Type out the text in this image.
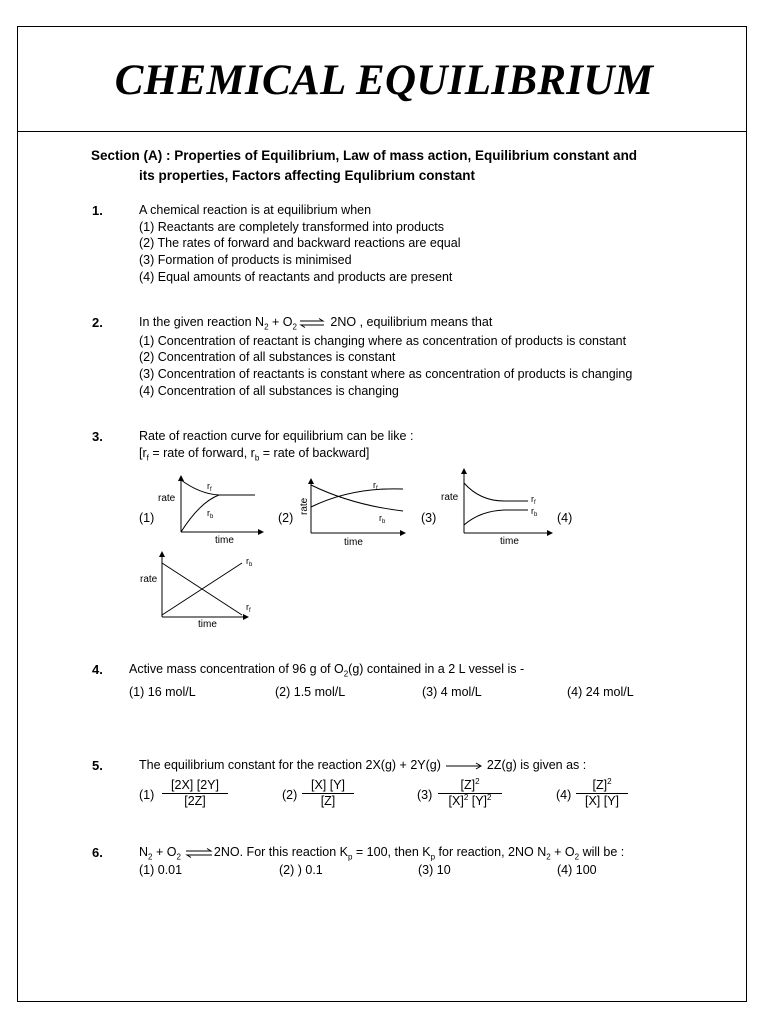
CHEMICAL EQUILIBRIUM
Section (A) : Properties of Equilibrium, Law of mass action, Equilibrium constant and
its properties, Factors affecting Equlibrium constant
1.	A chemical reaction is at equilibrium when
(1) Reactants are completely transformed into products
(2) The rates of forward and backward reactions are equal
(3) Formation of products is minimised
(4) Equal amounts of reactants and products are present
2.	In the given reaction $N_2 + O_2$ ⇌ 2NO , equilibrium means that
(1) Concentration of reactant is changing where as concentration of products is constant
(2) Concentration of all substances is constant
(3) Concentration of reactants is constant where as concentration of products is changing
(4) Concentration of all substances is changing
3.	Rate of reaction curve for equilibrium can be like :
[$r_f$ = rate of forward, $r_b$ = rate of backward]
(1)	(2)	(3)	(4)
rate
time
$r_f$
$r_b$
rate
time
$r_f$
$r_b$
rate
time
$r_f$
$r_b$
rate
time
$r_b$
$r_f$
4. Active mass concentration of 96 g of $O_2(g)$ contained in a 2 L vessel is -
(1) 16 mol/L	(2) 1.5 mol/L	(3) 4 mol/L	(4) 24 mol/L
5.	The equilibrium constant for the reaction 2X(g) + 2Y(g)	2Z(g) is given as :
$(1) \frac{[2X] [2Y]}{[2Z]}$	$(2) \frac{[X] [Y]}{[Z]}$	$(3) \frac{[Z]^2}{[X]^2 [Y]^2}$	$(4) \frac{[Z]^2}{[X] [Y]}$
6.	$N_2 + O_2$ ⇌2NO. For this reaction $K_p = 100$, then $K_p$ for reaction, 2NO $N_2 + O_2$ will be :
(1) 0.01	(2) ) 0.1	(3) 10	(4) 100
